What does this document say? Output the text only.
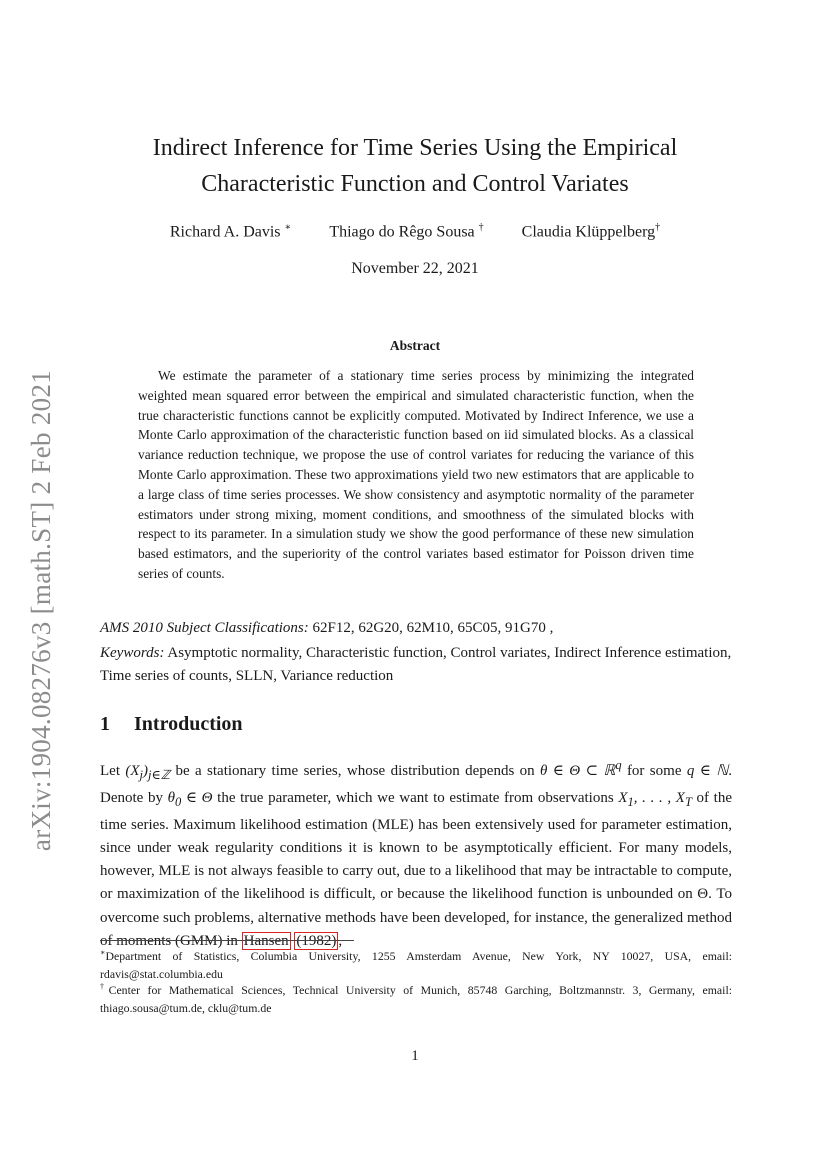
arXiv:1904.08276v3 [math.ST] 2 Feb 2021
Indirect Inference for Time Series Using the Empirical
Characteristic Function and Control Variates
Richard A. Davis ∗ Thiago do Rêgo Sousa † Claudia Klüppelberg†
November 22, 2021
Abstract

We estimate the parameter of a stationary time series process by minimizing the integrated weighted mean squared error between the empirical and simulated characteristic function, when the true characteristic functions cannot be explicitly computed. Motivated by Indirect Inference, we use a Monte Carlo approximation of the characteristic function based on iid simulated blocks. As a classical variance reduction technique, we propose the use of control variates for reducing the variance of this Monte Carlo approximation. These two approximations yield two new estimators that are applicable to a large class of time series processes. We show consistency and asymptotic normality of the parameter estimators under strong mixing, moment conditions, and smoothness of the simulated blocks with respect to its parameter. In a simulation study we show the good performance of these new simulation based estimators, and the superiority of the control variates based estimator for Poisson driven time series of counts.

AMS 2010 Subject Classifications: 62F12, 62G20, 62M10, 65C05, 91G70 ,
Keywords: Asymptotic normality, Characteristic function, Control variates, Indirect Inference estimation, Time series of counts, SLLN, Variance reduction
1 Introduction

Let $(X_j)_{j\in ℤ}$ be a stationary time series, whose distribution depends on θ ∈ Θ ⊂ ℝ$^q$ for some q ∈ ℕ. Denote by $\theta_0$ ∈ Θ the true parameter, which we want to estimate from observations $X_1$, . . . , $X_T$ of the time series. Maximum likelihood estimation (MLE) has been extensively used for parameter estimation, since under weak regularity conditions it is known to be asymptotically efficient. For many models, however, MLE is not always feasible to carry out, due to a likelihood that may be intractable to compute, or maximization of the likelihood is difficult, or because the likelihood function is unbounded on Θ. To overcome such problems, alternative methods have been developed, for instance, the generalized method of moments (GMM) in Hansen (1982) ,

∗Department of Statistics, Columbia University, 1255 Amsterdam Avenue, New York, NY 10027, USA, email: rdavis@stat.columbia.edu

†Center for Mathematical Sciences, Technical University of Munich, 85748 Garching, Boltzmannstr. 3, Germany, email: thiago.sousa@tum.de, cklu@tum.de

1
